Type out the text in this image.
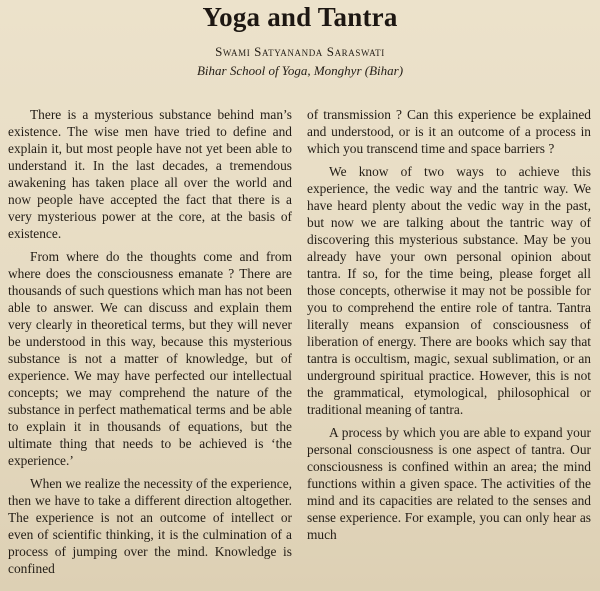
Yoga and Tantra
Swami Satyananda Saraswati
Bihar School of Yoga, Monghyr (Bihar)

There is a mysterious substance behind man’s existence. The wise men have tried to define and explain it, but most people have not yet been able to understand it. In the last decades, a tremendous awakening has taken place all over the world and now people have accepted the fact that there is a very mysterious power at the core, at the basis of existence.

From where do the thoughts come and from where does the consciousness emanate ? There are thousands of such questions which man has not been able to answer. We can discuss and explain them very clearly in theoretical terms, but they will never be understood in this way, because this mysterious substance is not a matter of knowledge, but of experience. We may have perfected our intellectual concepts; we may comprehend the nature of the substance in perfect mathematical terms and be able to explain it in thousands of equations, but the ultimate thing that needs to be achieved is ‘the experience.’

When we realize the necessity of the experience, then we have to take a different direction altogether. The experience is not an outcome of intellect or even of scientific thinking, it is the culmination of a process of jumping over the mind. Knowledge is confined

of transmission ? Can this experience be explained and understood, or is it an outcome of a process in which you transcend time and space barriers ?

We know of two ways to achieve this experience, the vedic way and the tantric way. We have heard plenty about the vedic way in the past, but now we are talking about the tantric way of discovering this mysterious substance. May be you already have your own personal opinion about tantra. If so, for the time being, please forget all those concepts, otherwise it may not be possible for you to comprehend the entire role of tantra. Tantra literally means expansion of consciousness of liberation of energy. There are books which say that tantra is occultism, magic, sexual sublimation, or an underground spiritual practice. However, this is not the grammatical, etymological, philosophical or traditional meaning of tantra.

A process by which you are able to expand your personal consciousness is one aspect of tantra. Our consciousness is confined within an area; the mind functions within a given space. The activities of the mind and its capacities are related to the senses and sense experience. For example, you can only hear as much
